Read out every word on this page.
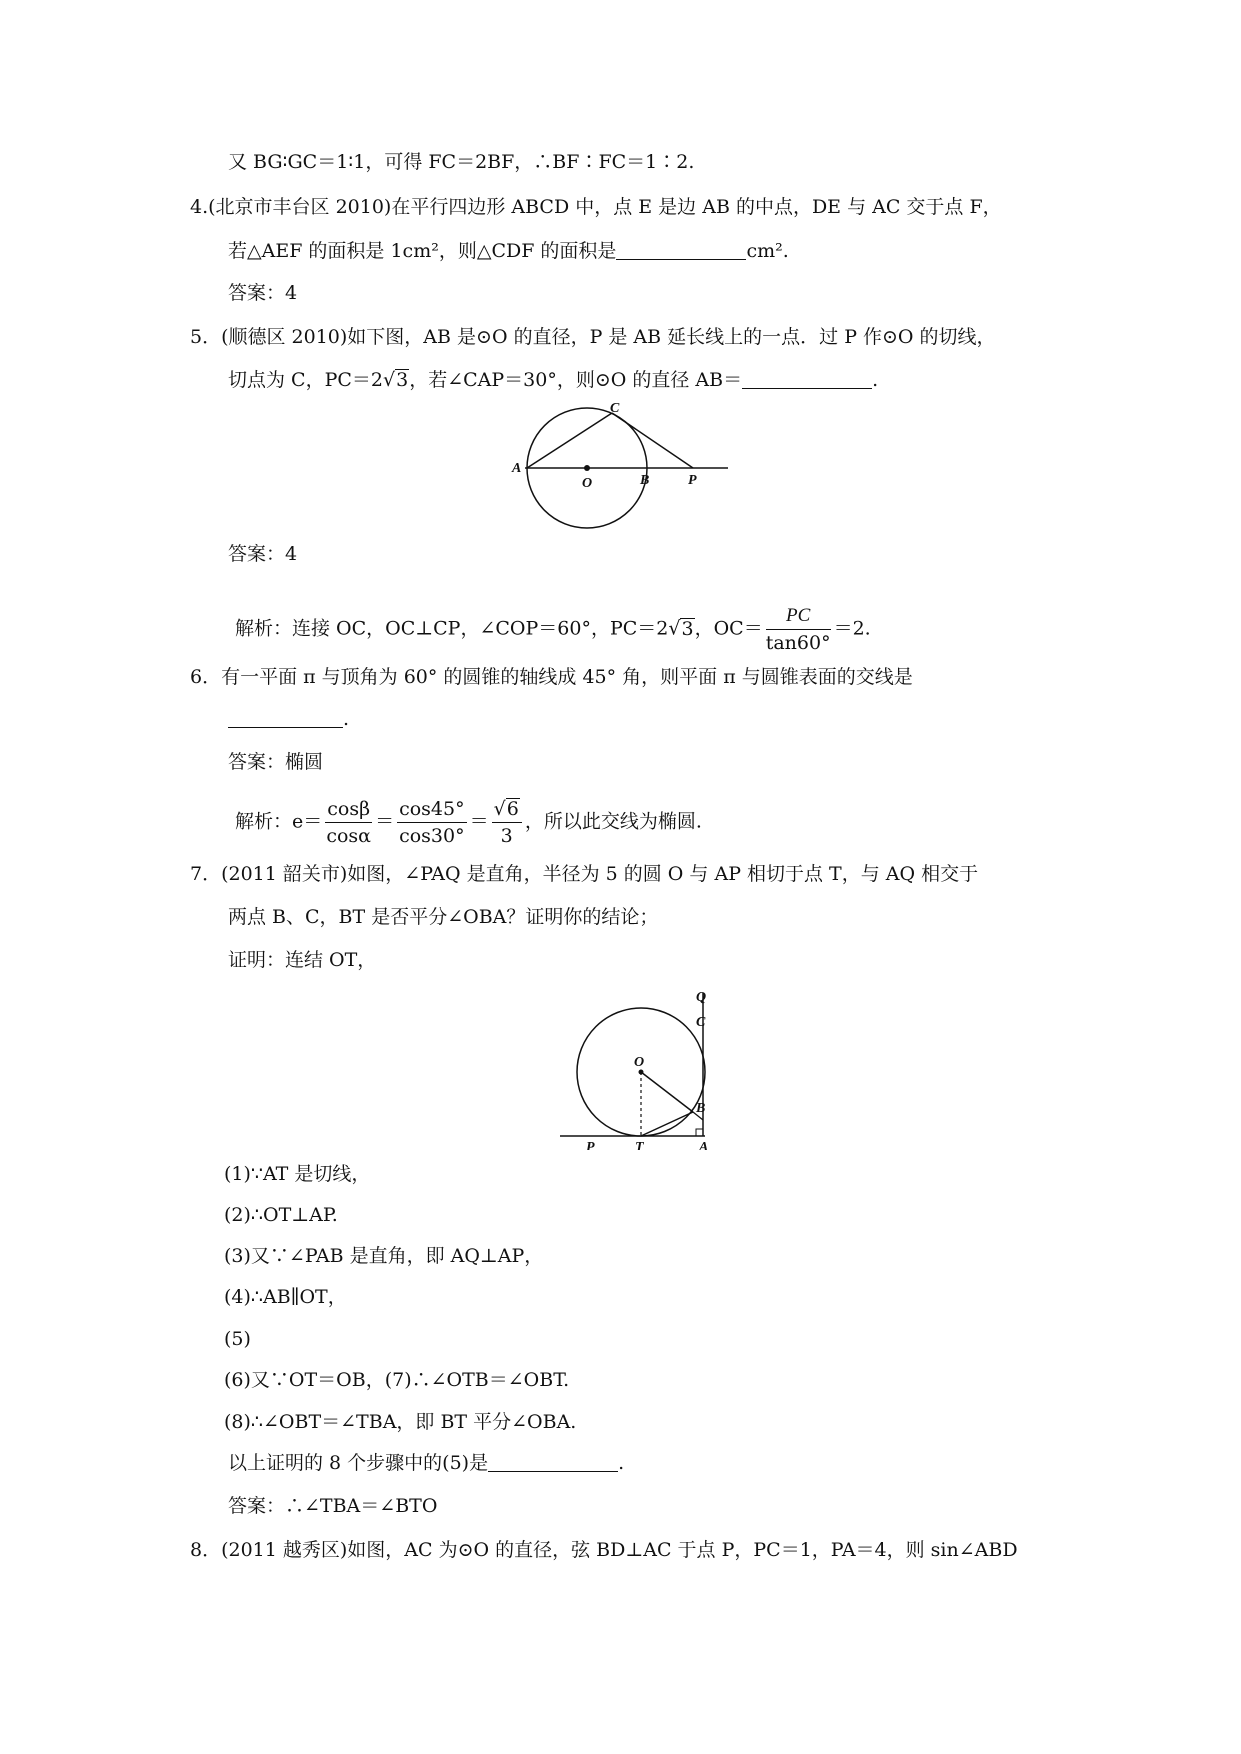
又 BG∶GC＝1∶1，可得 FC＝2BF，∴BF∶FC＝1∶2.
4.(北京市丰台区 2010)在平行四边形 ABCD 中，点 E 是边 AB 的中点，DE 与 AC 交于点 F，
若△AEF 的面积是 1cm²，则△CDF 的面积是	cm².
答案：4
5．(顺德区 2010)如下图，AB 是⊙O 的直径，P 是 AB 延长线上的一点．过 P 作⊙O 的切线，
切点为 C，PC＝2√3，若∠CAP＝30°，则⊙O 的直径 AB＝	.
A
O	B	P
C
答案：4
解析：连接 OC，OC⊥CP，∠COP＝60°，PC＝2√3，$OC= \frac{PC}{\tan 60^\circ} =2$.
6．有一平面 π 与顶角为 60° 的圆锥的轴线成 45° 角，则平面 π 与圆锥表面的交线是
.
答案：椭圆
解析：$e= \frac{\cos\beta}{\cos\alpha} = \frac{\cos 45^\circ}{\cos 30^\circ} = \frac{√6}{3}$ ，所以此交线为椭圆.
7．(2011 韶关市)如图，∠PAQ 是直角，半径为 5 的圆 O 与 AP 相切于点 T，与 AQ 相交于
两点 B、C，BT 是否平分∠OBA？证明你的结论；
证明：连结 OT，
Q
C
O
B
P	T	A
(1)∵AT 是切线，
(2)∴OT⊥AP.
(3)又∵∠PAB 是直角，即 AQ⊥AP，
(4)∴AB∥OT，
(5)
(6)又∵OT＝OB，(7)∴∠OTB＝∠OBT.
(8)∴∠OBT＝∠TBA，即 BT 平分∠OBA.
以上证明的 8 个步骤中的(5)是	.
答案：∴∠TBA＝∠BTO
8．(2011 越秀区)如图，AC 为⊙O 的直径，弦 BD⊥AC 于点 P，PC＝1，PA＝4，则 sin∠ABD
